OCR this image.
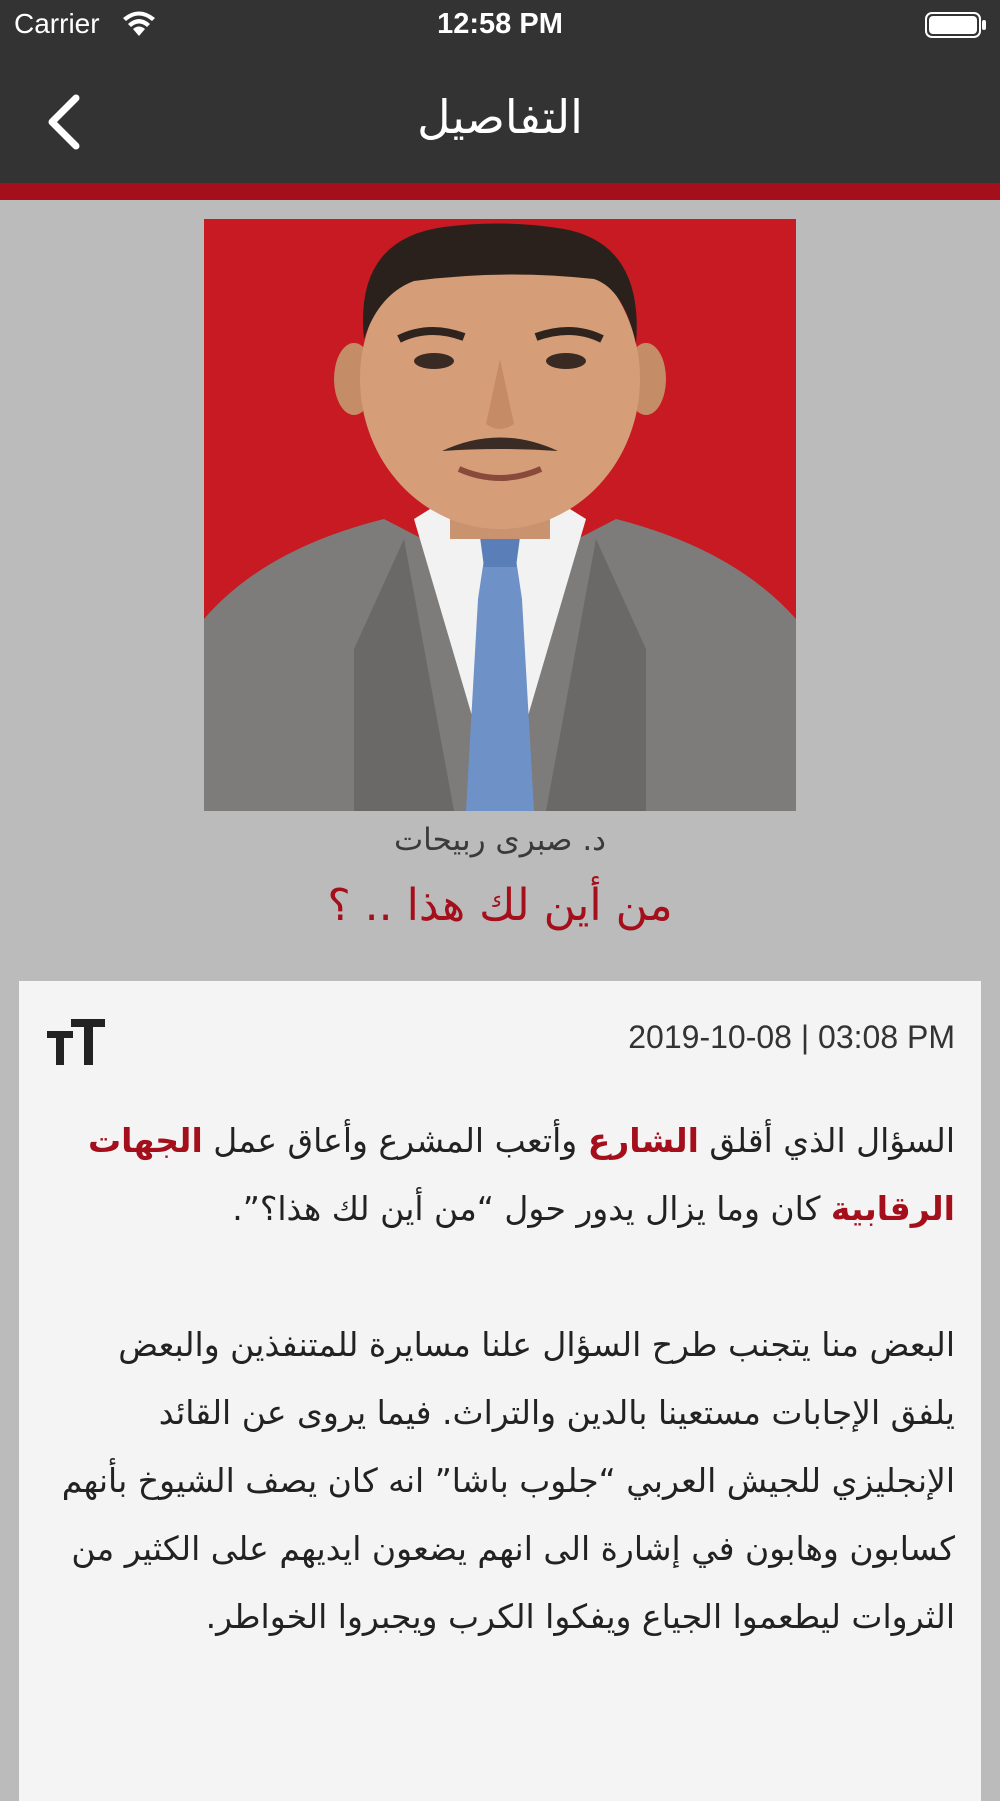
Carrier	12:58 PM
التفاصيل
د. صبرى ربيحات
من أين لك هذا .. ؟
2019-10-08 | 03:08 PM

السؤال الذي أقلق الشارع وأتعب المشرع وأعاق عمل الجهات الرقابية كان وما يزال يدور حول “من أين لك هذا؟”.

البعض منا يتجنب طرح السؤال علنا مسايرة للمتنفذين والبعض يلفق الإجابات مستعينا بالدين والتراث. فيما يروى عن القائد الإنجليزي للجيش العربي “جلوب باشا” انه كان يصف الشيوخ بأنهم كسابون وهابون في إشارة الى انهم يضعون ايديهم على الكثير من الثروات ليطعموا الجياع ويفكوا الكرب ويجبروا الخواطر.
